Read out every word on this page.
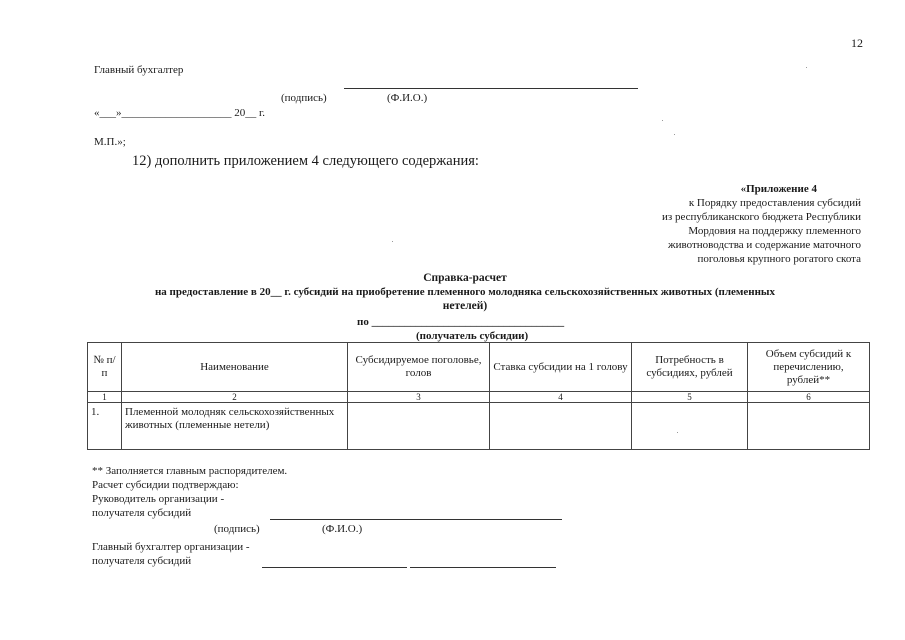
12
Главный бухгалтер
(подпись)	(Ф.И.О.)
«___»____________________ 20__ г.
М.П.»;
12) дополнить приложением 4 следующего содержания:
«Приложение 4
к Порядку предоставления субсидий
из республиканского бюджета Республики
Мордовия на поддержку племенного
животноводства и содержание маточного
поголовья крупного рогатого скота
Справка-расчет
на предоставление в 20__ г. субсидий на приобретение племенного молодняка сельскохозяйственных животных (племенных
нетелей)
по ___________________________________
(получатель субсидии)
№ п/п	Наименование	Субсидируемое поголовье, голов	Ставка субсидии на 1 голову	Потребность в субсидиях, рублей	Объем субсидий к перечислению, рублей**
1	2	3	4	5	6
1.	Племенной молодняк сельскохозяйственных животных (племенные нетели)				
** Заполняется главным распорядителем.
Расчет субсидии подтверждаю:
Руководитель организации -
получателя субсидий
(подпись)	(Ф.И.О.)
Главный бухгалтер организации -
получателя субсидий
